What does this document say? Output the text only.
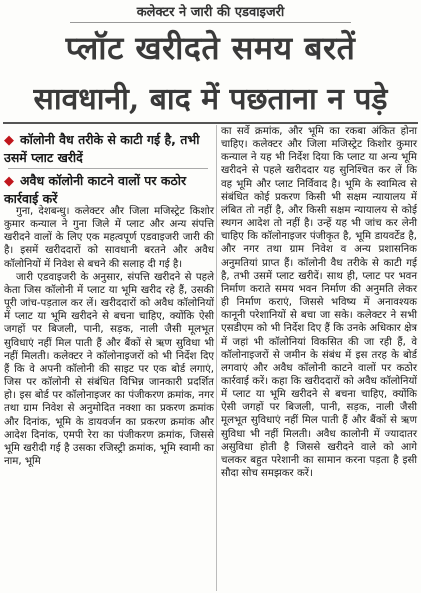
कलेक्टर ने जारी की एडवाइजरी
प्लॉट खरीदते समय बरतें
सावधानी, बाद में पछताना न पड़े
◆ कॉलोनी वैध तरीके से काटी गई है, तभी उसमें प्लाट खरीदें
◆ अवैध कॉलोनी काटने वालों पर कठोर कार्रवाई करें

गुना, देशबन्धु। कलेक्टर और जिला मजिस्ट्रेट किशोर कुमार कन्याल ने गुना जिले में प्लाट और अन्य संपत्ति खरीदने वालों के लिए एक महत्वपूर्ण एडवाइजरी जारी की है। इसमें खरीददारों को सावधानी बरतने और अवैध कॉलोनियों में निवेश से बचने की सलाह दी गई है।

जारी एडवाइजरी के अनुसार, संपत्ति खरीदने से पहले केता जिस कॉलोनी में प्लाट या भूमि खरीद रहे हैं, उसकी पूरी जांच-पड़ताल कर लें। खरीददारों को अवैध कॉलोनियों में प्लाट या भूमि खरीदने से बचना चाहिए, क्योंकि ऐसी जगहों पर बिजली, पानी, सड़क, नाली जैसी मूलभूत सुविधाएं नहीं मिल पाती हैं और बैंकों से ऋण सुविधा भी नहीं मिलती। कलेक्टर ने कॉलोनाइजरों को भी निर्देश दिए हैं कि वे अपनी कॉलोनी की साइट पर एक बोर्ड लगाएं, जिस पर कॉलोनी से संबंधित विभिन्न जानकारी प्रदर्शित हो। इस बोर्ड पर कॉलोनाइजर का पंजीकरण क्रमांक, नगर तथा ग्राम निवेश से अनुमोदित नक्शा का प्रकरण क्रमांक और दिनांक, भूमि के डायवर्जन का प्रकरण क्रमांक और आदेश दिनांक, एमपी रेरा का पंजीकरण क्रमांक, जिससे भूमि खरीदी गई है उसका रजिस्ट्री क्रमांक, भूमि स्वामी का नाम, भूमि

का सर्वे क्रमांक, और भूमि का रकबा अंकित होना चाहिए। कलेक्टर और जिला मजिस्ट्रेट किशोर कुमार कन्याल ने यह भी निर्देश दिया कि प्लाट या अन्य भूमि खरीदने से पहले खरीददार यह सुनिश्चित कर लें कि वह भूमि और प्लाट निर्विवाद है। भूमि के स्वामित्व से संबंधित कोई प्रकरण किसी भी सक्षम न्यायालय में लंबित तो नहीं है, और किसी सक्षम न्यायालय से कोई स्थगन आदेश तो नहीं है। उन्हें यह भी जांच कर लेनी चाहिए कि कॉलोनाइजर पंजीकृत है, भूमि डायवर्टेड है, और नगर तथा ग्राम निवेश व अन्य प्रशासनिक अनुमतियां प्राप्त हैं। कॉलोनी वैध तरीके से काटी गई है, तभी उसमें प्लाट खरीदें। साथ ही, प्लाट पर भवन निर्माण कराते समय भवन निर्माण की अनुमति लेकर ही निर्माण कराएं, जिससे भविष्य में अनावश्यक कानूनी परेशानियों से बचा जा सके। कलेक्टर ने सभी एसडीएम को भी निर्देश दिए हैं कि उनके अधिकार क्षेत्र में जहां भी कॉलोनियां विकसित की जा रही हैं, वे कॉलोनाइजरों से जमीन के संबंध में इस तरह के बोर्ड लगवाएं और अवैध कॉलोनी काटने वालों पर कठोर कार्रवाई करें। कहा कि खरीददारों को अवैध कॉलोनियों में प्लाट या भूमि खरीदने से बचना चाहिए, क्योंकि ऐसी जगहों पर बिजली, पानी, सड़क, नाली जैसी मूलभूत सुविधाएं नहीं मिल पाती हैं और बैंकों से ऋण सुविधा भी नहीं मिलती। अवैध कालोनी में ज्यादातर असुविधा होती है जिससे खरीदने वाले को आगे चलकर बहुत परेशानी का सामान करना पड़ता है इसी सौदा सोच समझकर करें।
